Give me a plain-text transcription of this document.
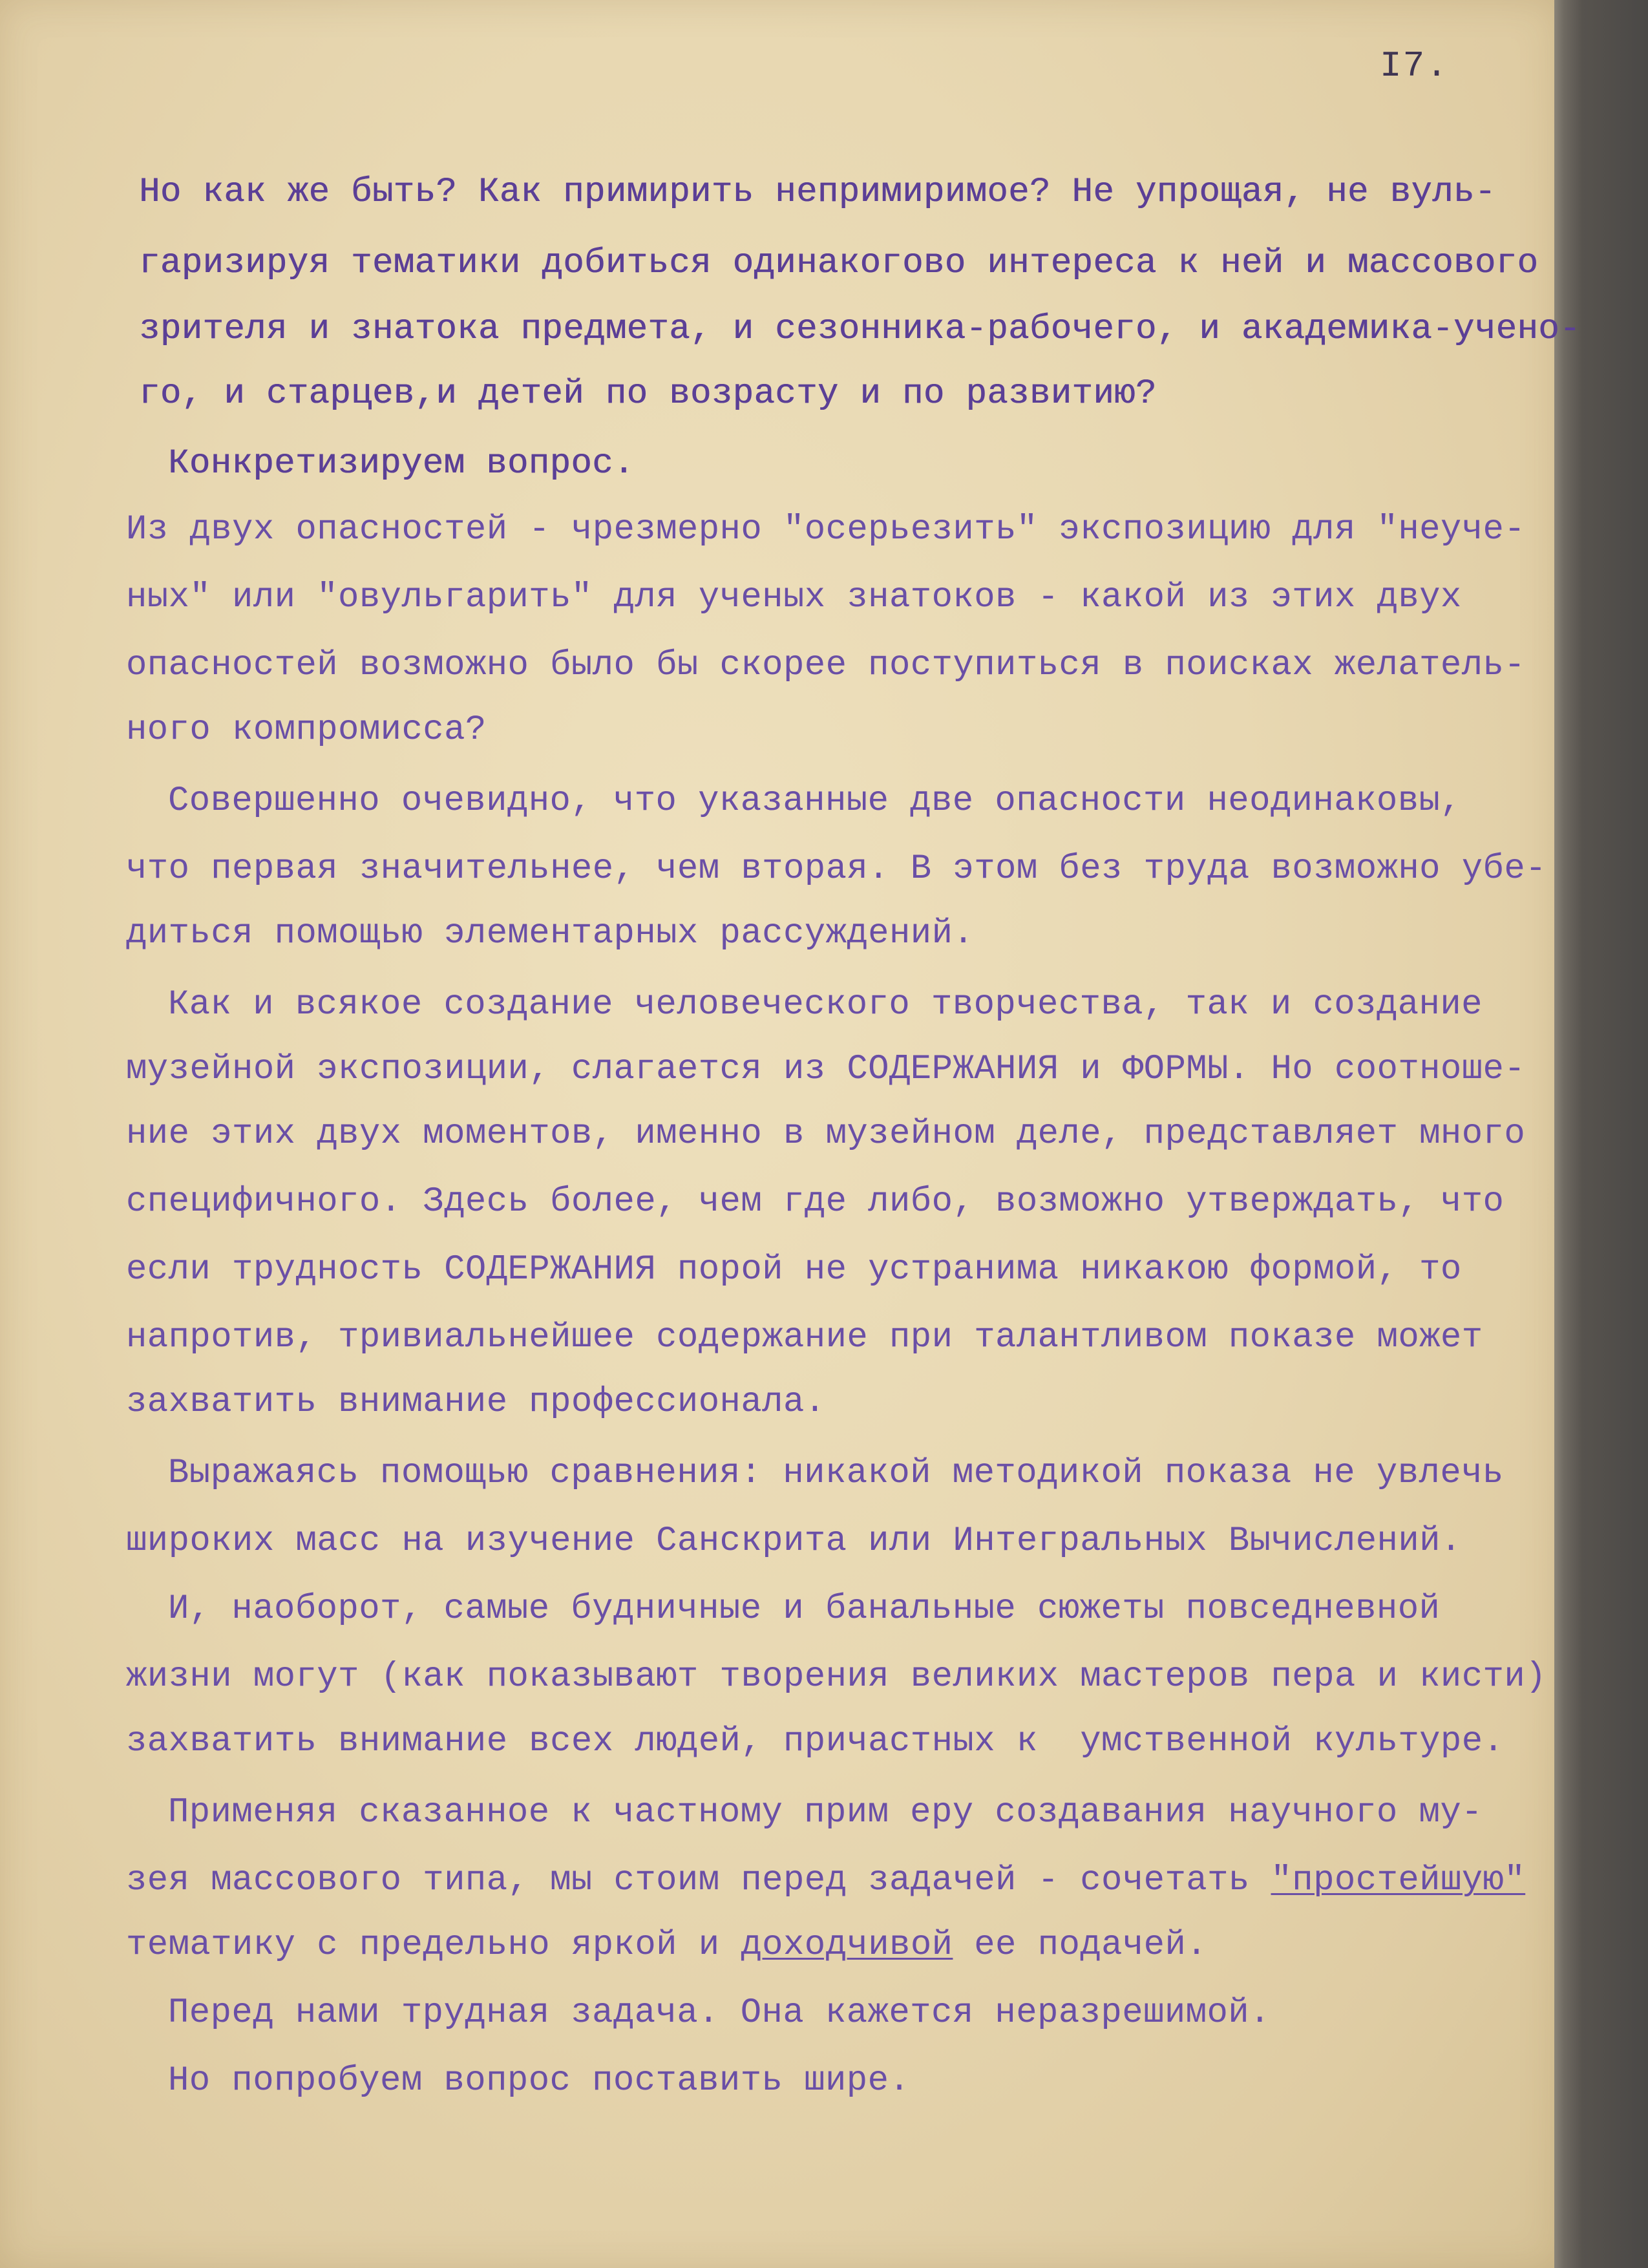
I7.
Но как же быть? Как примирить непримиримое? Не упрощая, не вуль-
гаризируя тематики добиться одинакогово интереса к ней и массового
зрителя и знатока предмета, и сезонника-рабочего, и академика-учено-
го, и старцев,и детей по возрасту и по развитию?
Конкретизируем вопрос.
Из двух опасностей - чрезмерно "осерьезить" экспозицию для "неуче-
ных" или "овульгарить" для ученых знатоков - какой из этих двух
опасностей возможно было бы скорее поступиться в поисках желатель-
ного компромисса?
Совершенно очевидно, что указанные две опасности неодинаковы,
что первая значительнее, чем вторая. В этом без труда возможно убе-
диться помощью элементарных рассуждений.
Как и всякое создание человеческого творчества, так и создание
музейной экспозиции, слагается из СОДЕРЖАНИЯ и ФОРМЫ. Но соотноше-
ние этих двух моментов, именно в музейном деле, представляет много
специфичного. Здесь более, чем где либо, возможно утверждать, что
если трудность СОДЕРЖАНИЯ порой не устранима никакою формой, то
напротив, тривиальнейшее содержание при талантливом показе может
захватить внимание профессионала.
Выражаясь помощью сравнения: никакой методикой показа не увлечь
широких масс на изучение Санскрита или Интегральных Вычислений.
И, наоборот, самые будничные и банальные сюжеты повседневной
жизни могут (как показывают творения великих мастеров пера и кисти)
захватить внимание всех людей, причастных к  умственной культуре.
Применяя сказанное к частному прим еру создавания научного му-
зея массового типа, мы стоим перед задачей - сочетать "простейшую"
тематику с предельно яркой и доходчивой ее подачей.
Перед нами трудная задача. Она кажется неразрешимой.
Но попробуем вопрос поставить шире.
